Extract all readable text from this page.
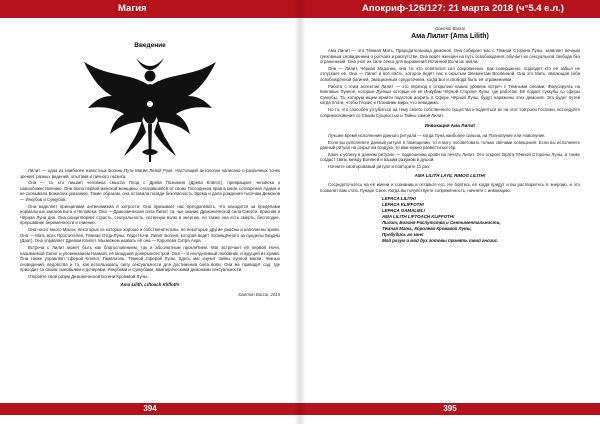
Магия
Введение

Лилит — одна из наиболее известных Богинь Пути Магии Левой Руки. Настоящий антологии написано о различных точек зрения, разных видений, опытами и личного гнозиса.

Она — та, кто лишает человека смысла Плод с Древа Познания (Древа Клипот), превращает человека к самообожествлению. Она была первой женской женщины, отказавшейся от своих Господином прав в книге сотворения Адама и не сковывала Божеских указанию. Такие образом, она оставила позади безопасность Эдема и дала рождения тысячам Демонов — Инкубов и Суккубов.

Она наделяет принципами антиномизма и хитрости. Она призывает нас преодолевать, что находится за пределами нормальных законов Бога и Человека. Она — Драконическая сила Лилит, та, чье знание Драконической сила Смерти, Красная и Чёрная Луна дня. Она олицетворяет страсть, сексуальность, истинную волю и энергию, но также она есть смерть, бесплодие, прерывание беременности и гниение.

Она носит много Масок, некоторые из которых хорошо и собственительны, но некоторые другие ужасны и наполнены крови. Она — Мать всех Простителей, Тёмная Отца-Луны, Леди Ночи. Лилит Богиня, которая ведёт посвящённого за пределы Бездны (Даат). Она управляет Древом Клипот. Мы можем назвать её она — Королева Ситра Ахра.

Встреча с Лилит может быть как благословением, так и абсолютным проклятием. Маг встречает её первой Ночи, называемой Лилит и упоминанием Наамой, её младшей дочерью/сестрой. Она — и неотделимый любовник, и ждущей из храма. Она также управляет сферой Клипот, Гамалиэль, Тёмной Сферой Луны. Здесь маг изучит тайны лунной магии, тёмных сновидений, ведовства и то, как использовать силу сексуальности для достижения сила воли. Она же приводит сад, где приходит со своим сыновьями и дочерями, Инкубами и Суккубами, вампирическими демонами сексуальности.

Откройте свой разум Демонической Богини Кровавой Луны...

Ama Lilith, Liftoach Kliffoth!
Daemon Barzai, 2015
394
Апокриф-126/127: 21 марта 2018 (ч°5.4 е.л.)
Daemon Barzai
Ама Лилит (Ama Lilith)

Ама Лилит — это Тёмная Мать. Прародительница демонов. Она собирает нас с Тёмной Сторона Луны, заявляет вечным греховным сновидением о росчаях и распутстве. Она ведёт женщин на путь освобождения, обучает их сексуальной свободе без ограничений. Она учит их силе секса для выражения Истинной Воли их земли.

Она — Лилит, Чёрная Мадонна, она та, кто освятился сил сокровенных. Как совершенно, подходят кто её забыл не отпускает её. Она — Лилит и всё пасть, которое ведёт нас к скрытым Элементам Вселенной. Она это Мать, являющая себя освобождённой богиней, Эмоционным средоточием, когда Бог и свобода быть её отражениями.

Работа с этим аспектом Лилит — это переход к открытию наших уровень встреч с Тёмными силами. Фокусируясь на Кинговые Лунное, которые Лунных которые её её Инкубам Чёрной Стороне Луны, где работаю. Её подает суккубы со сферы Суккубы. Та, которую ищем прийти подготов искрить в Сфере Чёрной Луны, будут наряжены этих демонов. Это будет путей когда плоти, чтобы Гнозис и Познание мира, что невидима.

Но то, что способен углубиться на тему своего собственного существа и подняться их на этот той роли Госпожи, исследуйте соприкосновения со Своим Сущностью и Тайны самой Лилит.

Инвокация Ама Лилит

Лучшее время исполнения данного ритуала — когда Луна наиболее сильна, на Полнолуние или Новолуние.

Если вы исполняете данный ритуал в помещении, то я могу посоветовать только свечами освещения. Если вы исполняете данный ритуал на открытом воздухе, то вам нужно развести костёр.

Ключ к успеху в данном ритуале — подношение крови на печать Лилит. Это откроет Врата Тёмной Стороны Луны, а также создаст связь между Богиней и вашим разумом и душой.

Начните свой кровавый ритуал и повторите 11 раз:

AMA LILITH LAYIL RIMOG LILITH!

Сосредоточьтесь на её имени и сознании и оставьте его. Не бойтесь её когда придут и вы растворитесь в энергию, и это позволит вам стать Лунаре Силе. Когда вы почувствуете сопряжённость, начните с инвокацию:

LEPACA LILITH!
LEPACA KLIFFOTH!
LEPACA GAMALIEL!
AMA LILITH LIFTOACH KLIFFOTH!
Лилит, Богиня Распутства и Сентиментальности,
Тёмная Мать, Королева Кровавой Луны,
Пробудись во мне!
Мой разум и мой дух готовы принять твой гнозис.
395
